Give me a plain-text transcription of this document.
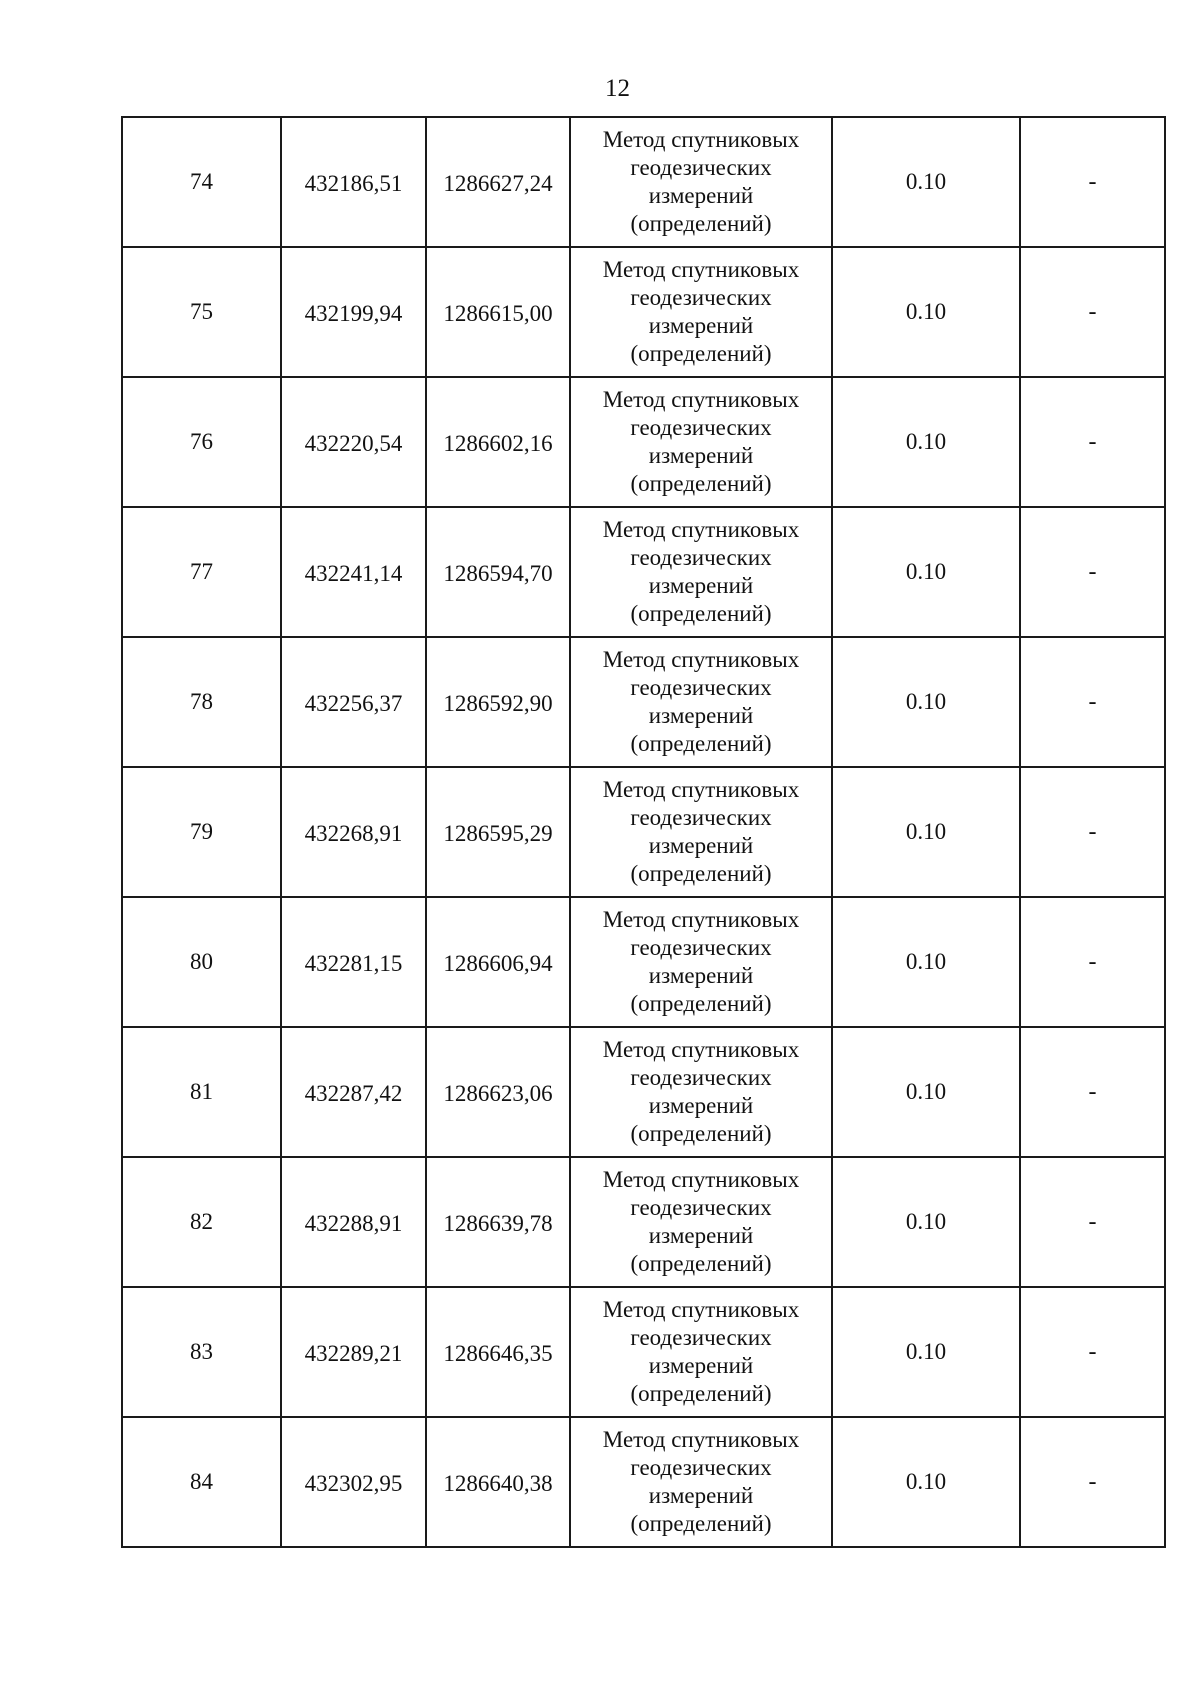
12
74	432186,51	1286627,24	Метод спутниковых
геодезических
измерений
(определений)	0.10	-
75	432199,94	1286615,00	Метод спутниковых
геодезических
измерений
(определений)	0.10	-
76	432220,54	1286602,16	Метод спутниковых
геодезических
измерений
(определений)	0.10	-
77	432241,14	1286594,70	Метод спутниковых
геодезических
измерений
(определений)	0.10	-
78	432256,37	1286592,90	Метод спутниковых
геодезических
измерений
(определений)	0.10	-
79	432268,91	1286595,29	Метод спутниковых
геодезических
измерений
(определений)	0.10	-
80	432281,15	1286606,94	Метод спутниковых
геодезических
измерений
(определений)	0.10	-
81	432287,42	1286623,06	Метод спутниковых
геодезических
измерений
(определений)	0.10	-
82	432288,91	1286639,78	Метод спутниковых
геодезических
измерений
(определений)	0.10	-
83	432289,21	1286646,35	Метод спутниковых
геодезических
измерений
(определений)	0.10	-
84	432302,95	1286640,38	Метод спутниковых
геодезических
измерений
(определений)	0.10	-
